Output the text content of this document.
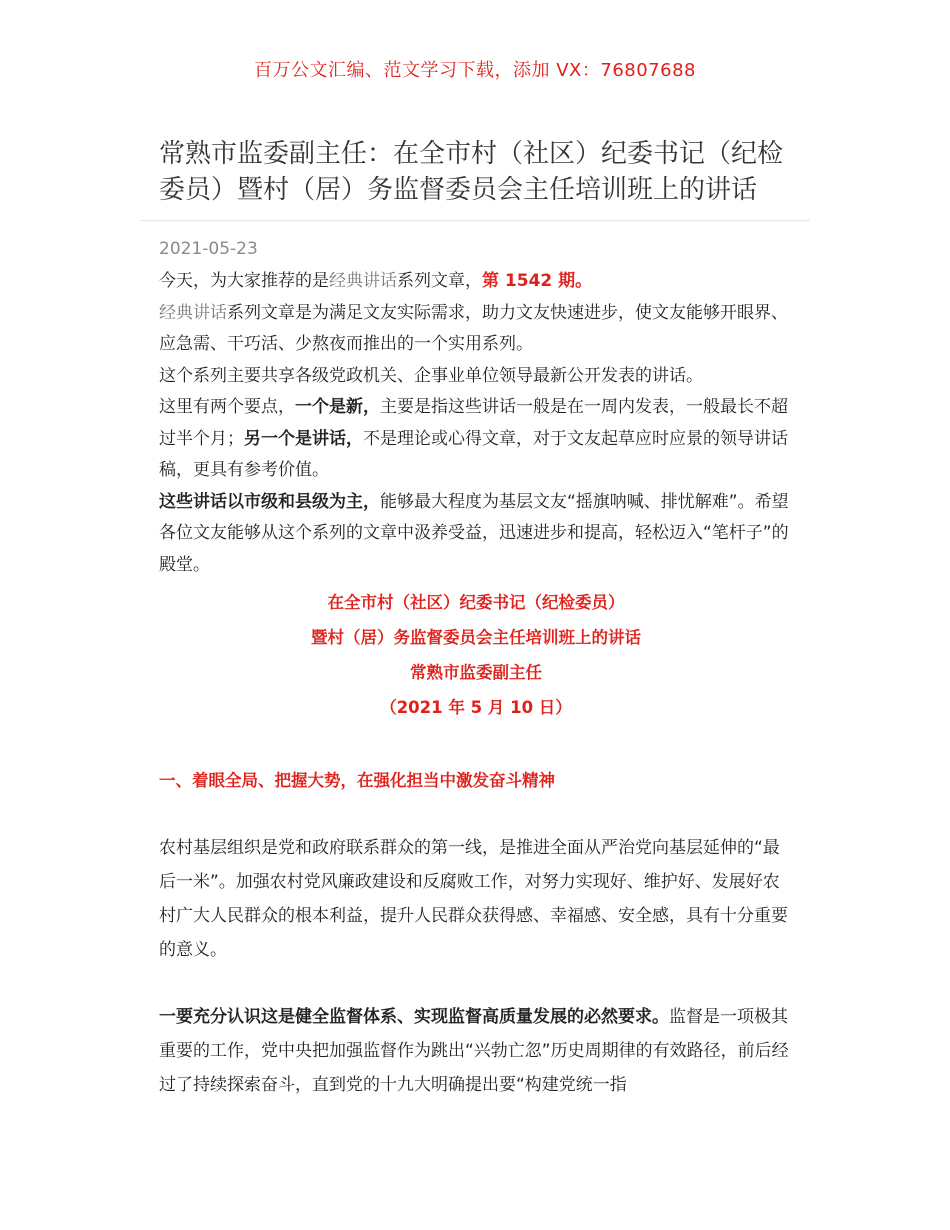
百万公文汇编、范文学习下载，添加 VX：76807688
常熟市监委副主任：在全市村（社区）纪委书记（纪检委员）暨村（居）务监督委员会主任培训班上的讲话
2021-05-23

今天，为大家推荐的是经典讲话系列文章，第 1542 期。

经典讲话系列文章是为满足文友实际需求，助力文友快速进步，使文友能够开眼界、应急需、干巧活、少熬夜而推出的一个实用系列。

这个系列主要共享各级党政机关、企事业单位领导最新公开发表的讲话。

这里有两个要点，一个是新，主要是指这些讲话一般是在一周内发表，一般最长不超过半个月；另一个是讲话，不是理论或心得文章，对于文友起草应时应景的领导讲话稿，更具有参考价值。

这些讲话以市级和县级为主，能够最大程度为基层文友“摇旗呐喊、排忧解难”。希望各位文友能够从这个系列的文章中汲养受益，迅速进步和提高，轻松迈入“笔杆子”的殿堂。

在全市村（社区）纪委书记（纪检委员）
暨村（居）务监督委员会主任培训班上的讲话
常熟市监委副主任
（2021 年 5 月 10 日）

一、着眼全局、把握大势，在强化担当中激发奋斗精神

农村基层组织是党和政府联系群众的第一线，是推进全面从严治党向基层延伸的“最后一米”。加强农村党风廉政建设和反腐败工作，对努力实现好、维护好、发展好农村广大人民群众的根本利益，提升人民群众获得感、幸福感、安全感，具有十分重要的意义。

一要充分认识这是健全监督体系、实现监督高质量发展的必然要求。监督是一项极其重要的工作，党中央把加强监督作为跳出“兴勃亡忽”历史周期律的有效路径，前后经过了持续探索奋斗，直到党的十九大明确提出要“构建党统一指
